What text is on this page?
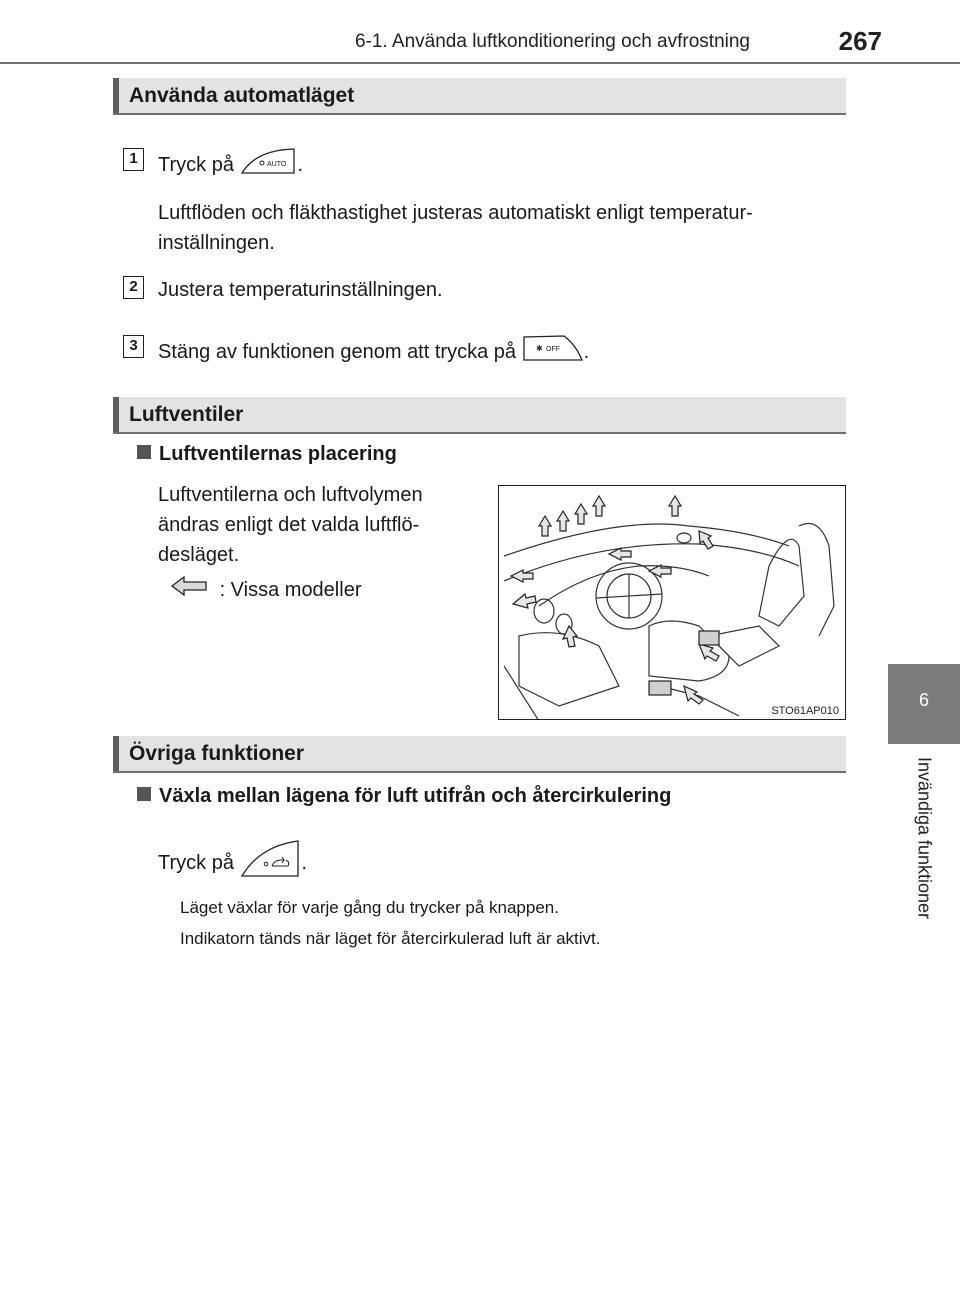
6-1. Använda luftkonditionering och avfrostning	267
6
Invändiga funktioner
Använda automatläget
1	Tryck på	AUTO .
Luftflöden och fläkthastighet justeras automatiskt enligt temperatur-
inställningen.
2	Justera temperaturinställningen.
3	Stäng av funktionen genom att trycka på ✱ OFF .
Luftventiler
Luftventilernas placering
Luftventilerna och luftvolymen
ändras enligt det valda luftflö-
desläget.
: Vissa modeller
STO61AP010
Övriga funktioner
Växla mellan lägena för luft utifrån och återcirkulering
Tryck på	.
Läget växlar för varje gång du trycker på knappen.
Indikatorn tänds när läget för återcirkulerad luft är aktivt.
